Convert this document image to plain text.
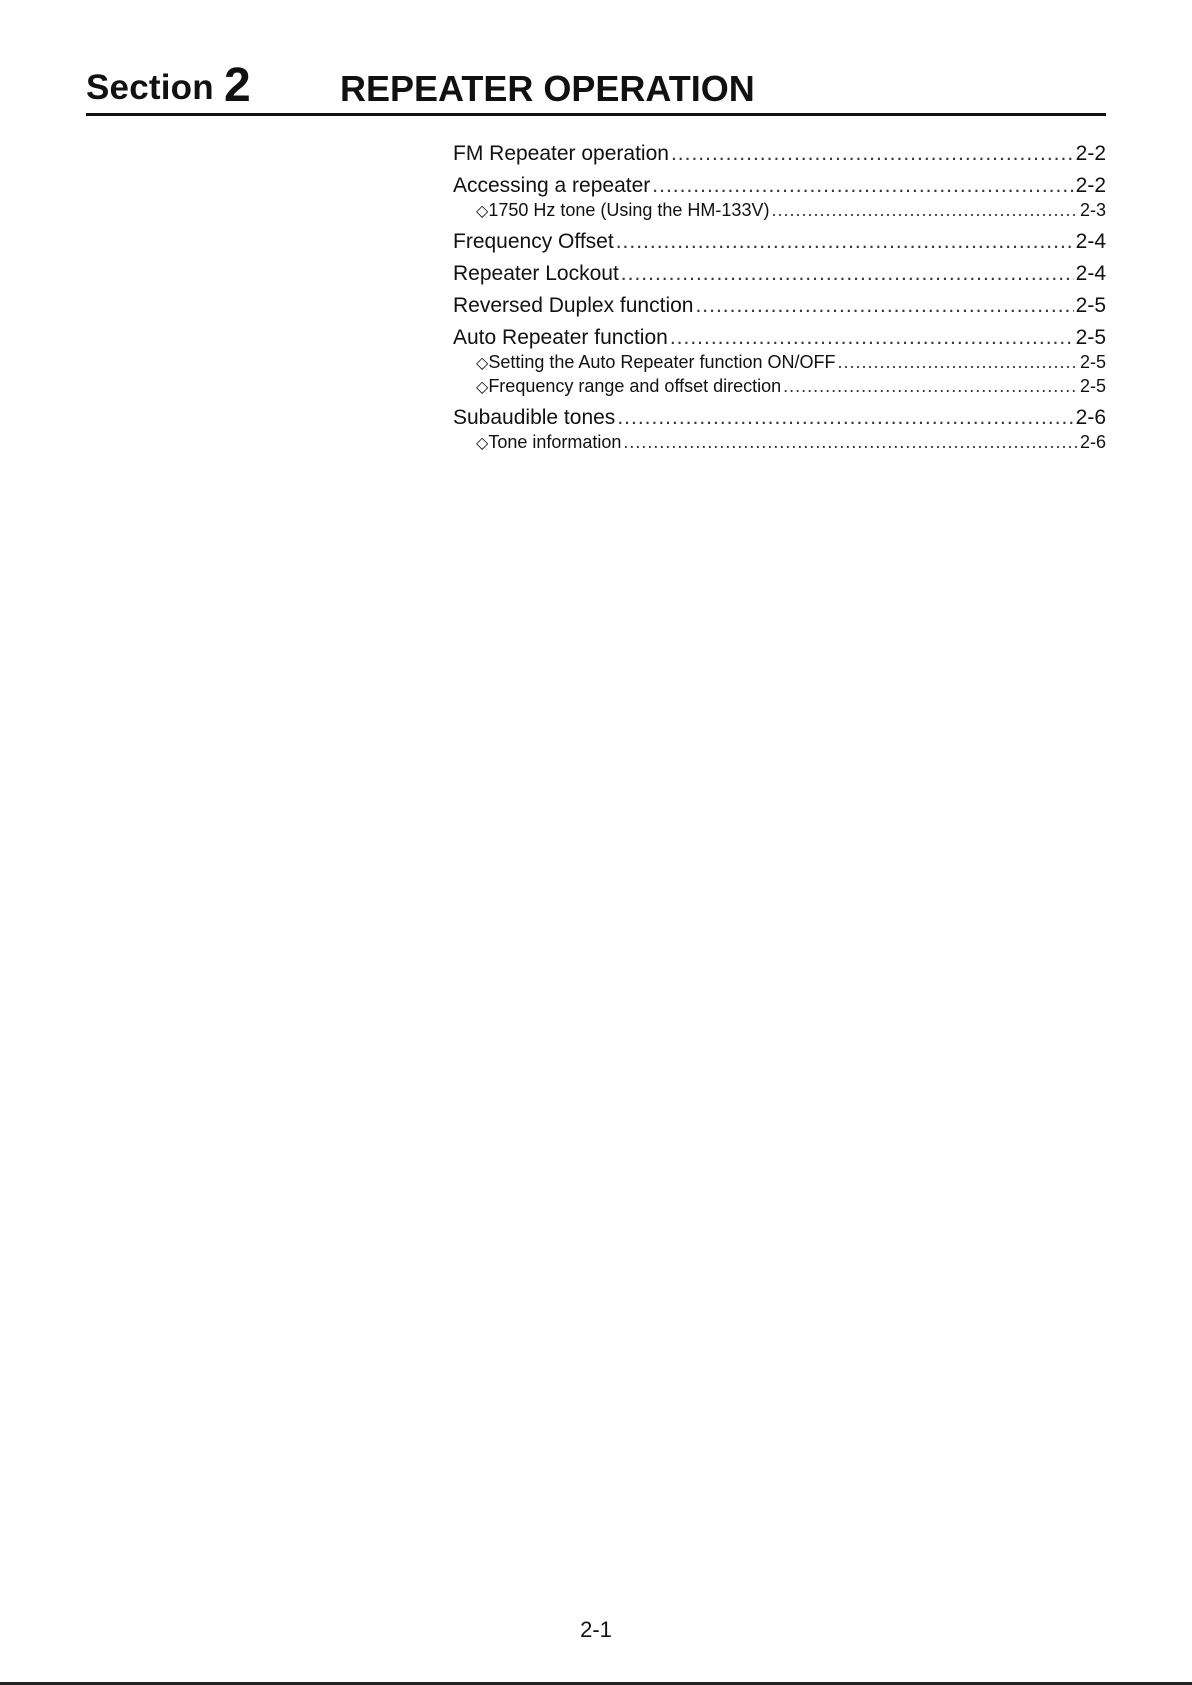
Section 2 REPEATER OPERATION
FM Repeater operation .....	2-2
Accessing a repeater .....	2-2
◇ 1750 Hz tone (Using the HM-133V) .....	2-3
Frequency Offset .....	2-4
Repeater Lockout .....	2-4
Reversed Duplex function .....	2-5
Auto Repeater function .....	2-5
◇ Setting the Auto Repeater function ON/OFF .....	2-5
◇ Frequency range and offset direction .....	2-5
Subaudible tones .....	2-6
◇ Tone information .....	2-6
2-1
